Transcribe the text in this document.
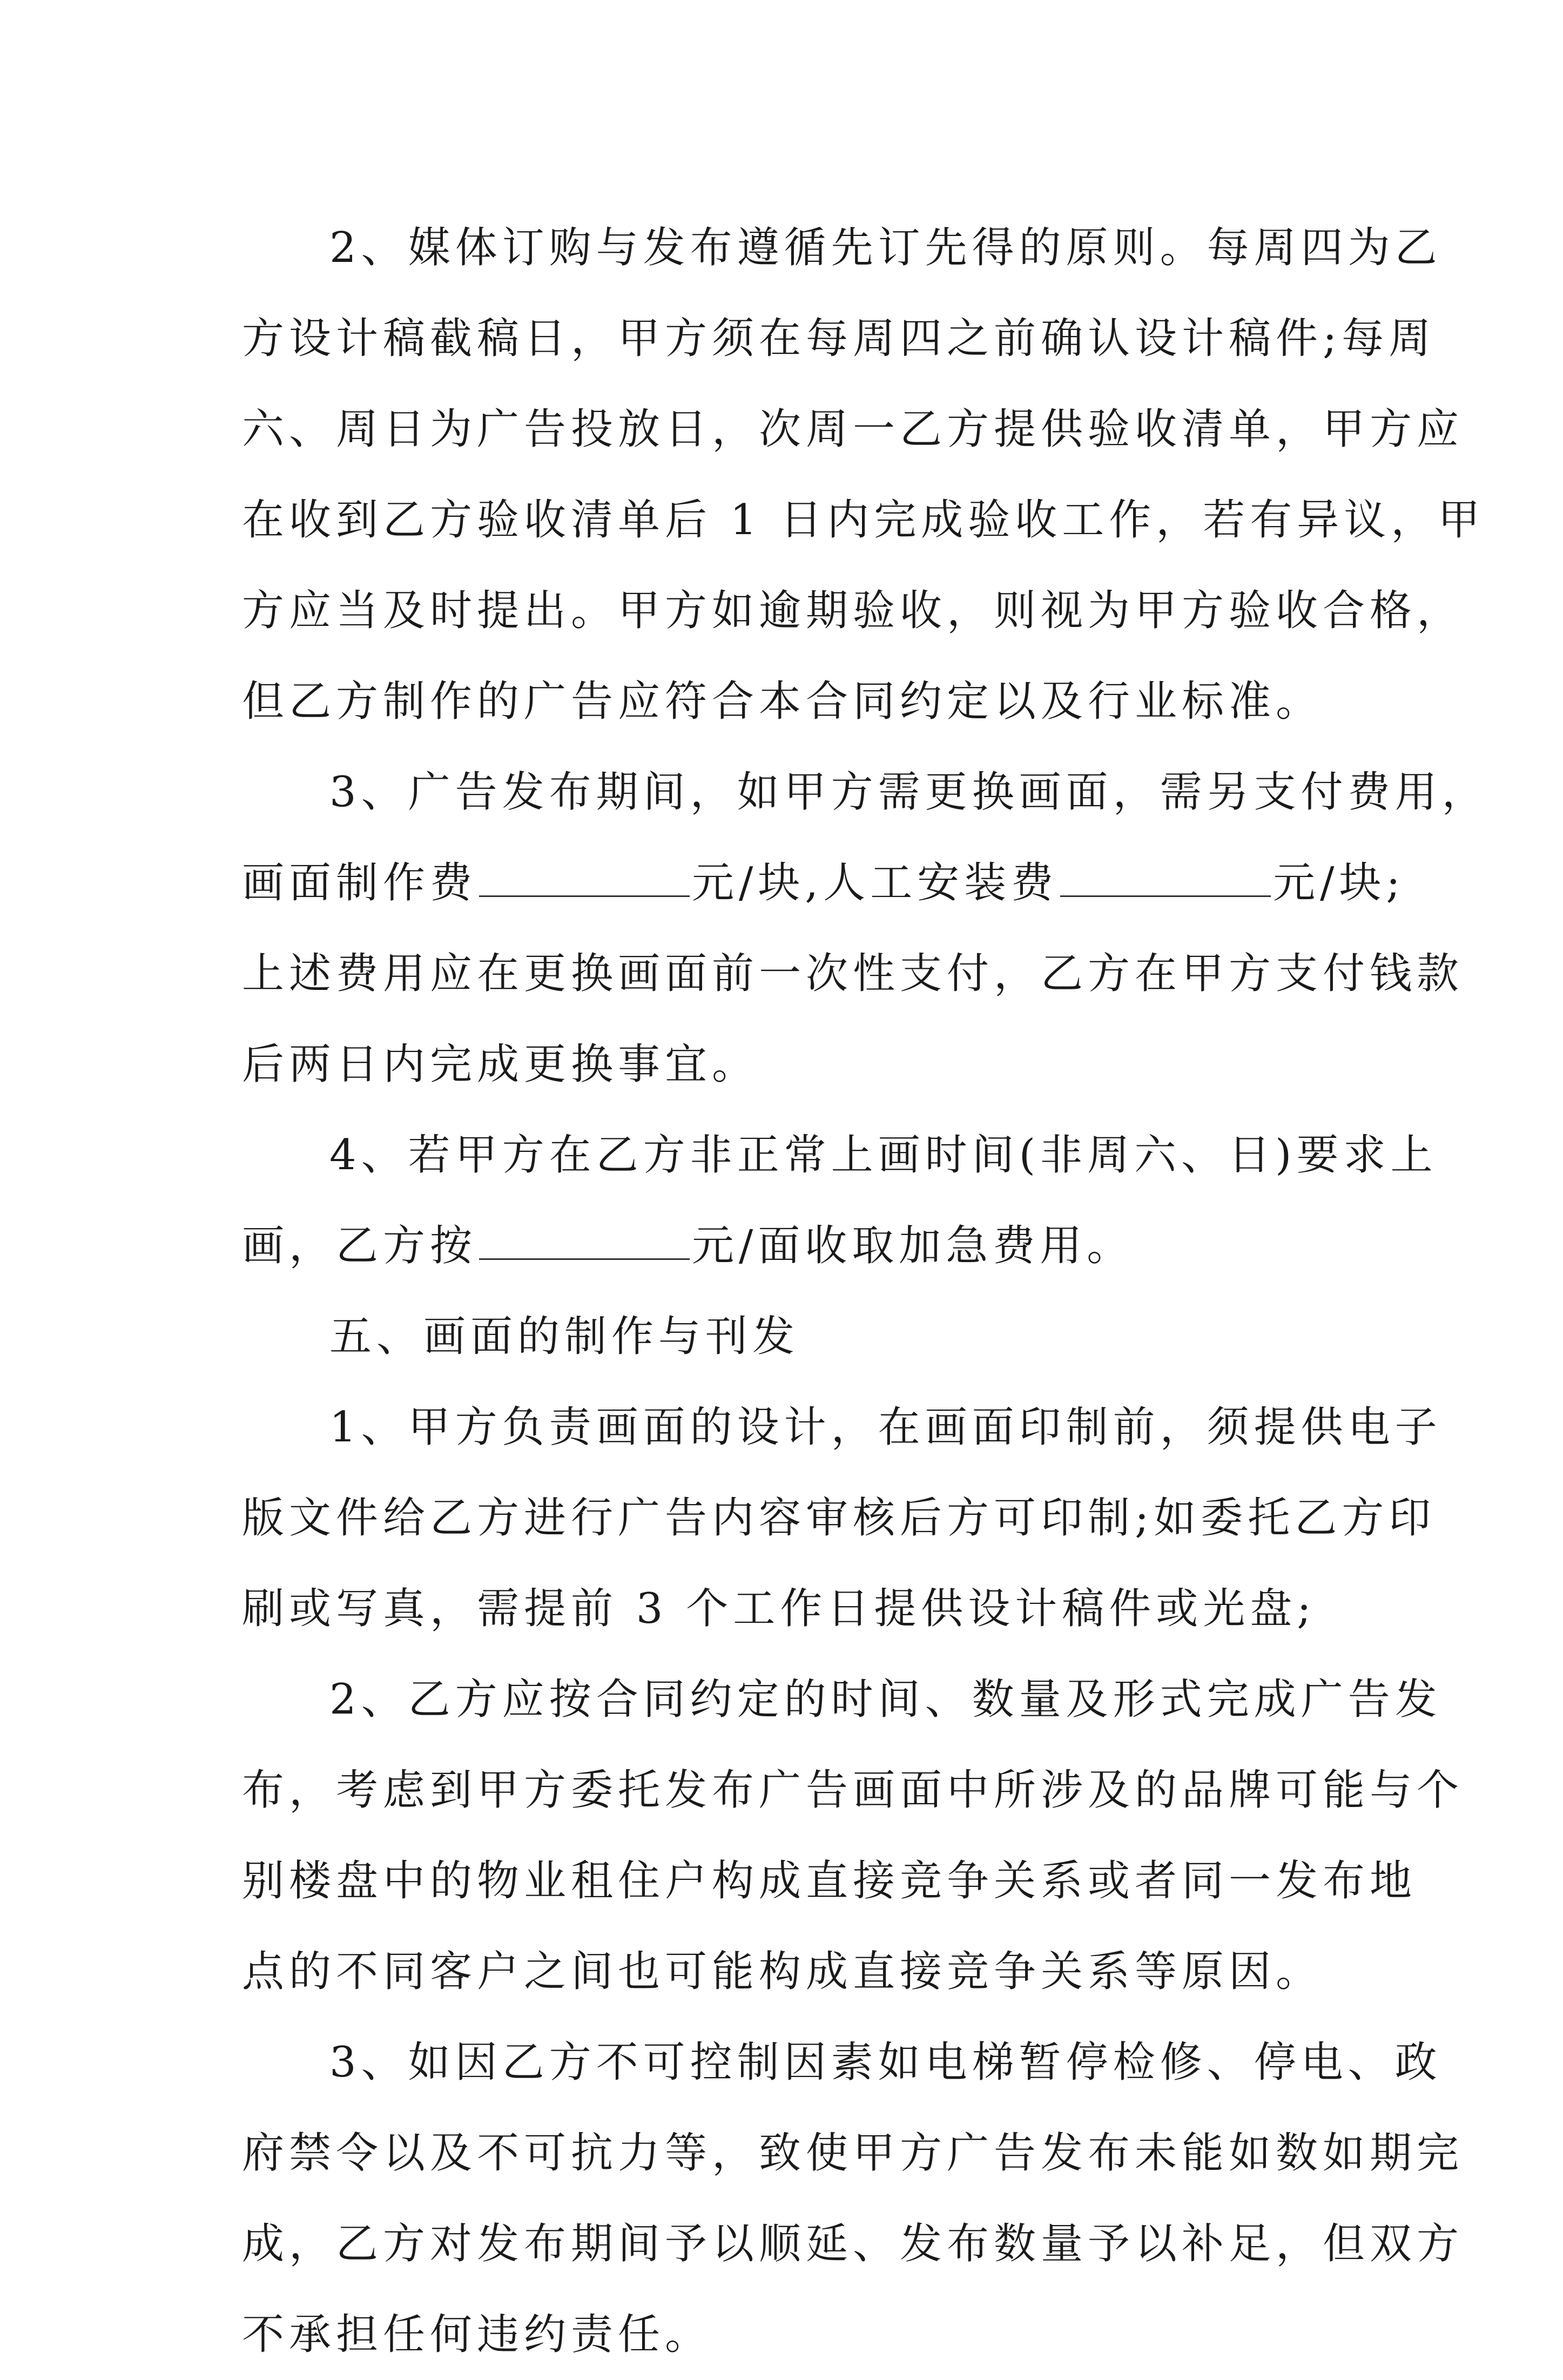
2、媒体订购与发布遵循先订先得的原则。每周四为乙
方设计稿截稿日，甲方须在每周四之前确认设计稿件;每周
六、周日为广告投放日，次周一乙方提供验收清单，甲方应
在收到乙方验收清单后 1 日内完成验收工作，若有异议，甲
方应当及时提出。甲方如逾期验收，则视为甲方验收合格，
但乙方制作的广告应符合本合同约定以及行业标准。
3、广告发布期间，如甲方需更换画面，需另支付费用，
画面制作费	元/块,人工安装费	元/块;
上述费用应在更换画面前一次性支付，乙方在甲方支付钱款
后两日内完成更换事宜。
4、若甲方在乙方非正常上画时间(非周六、日)要求上
画，乙方按	元/面收取加急费用。
五、画面的制作与刊发
1、甲方负责画面的设计，在画面印制前，须提供电子
版文件给乙方进行广告内容审核后方可印制;如委托乙方印
刷或写真，需提前 3 个工作日提供设计稿件或光盘;
2、乙方应按合同约定的时间、数量及形式完成广告发
布，考虑到甲方委托发布广告画面中所涉及的品牌可能与个
别楼盘中的物业租住户构成直接竞争关系或者同一发布地
点的不同客户之间也可能构成直接竞争关系等原因。
3、如因乙方不可控制因素如电梯暂停检修、停电、政
府禁令以及不可抗力等，致使甲方广告发布未能如数如期完
成，乙方对发布期间予以顺延、发布数量予以补足，但双方
不承担任何违约责任。
